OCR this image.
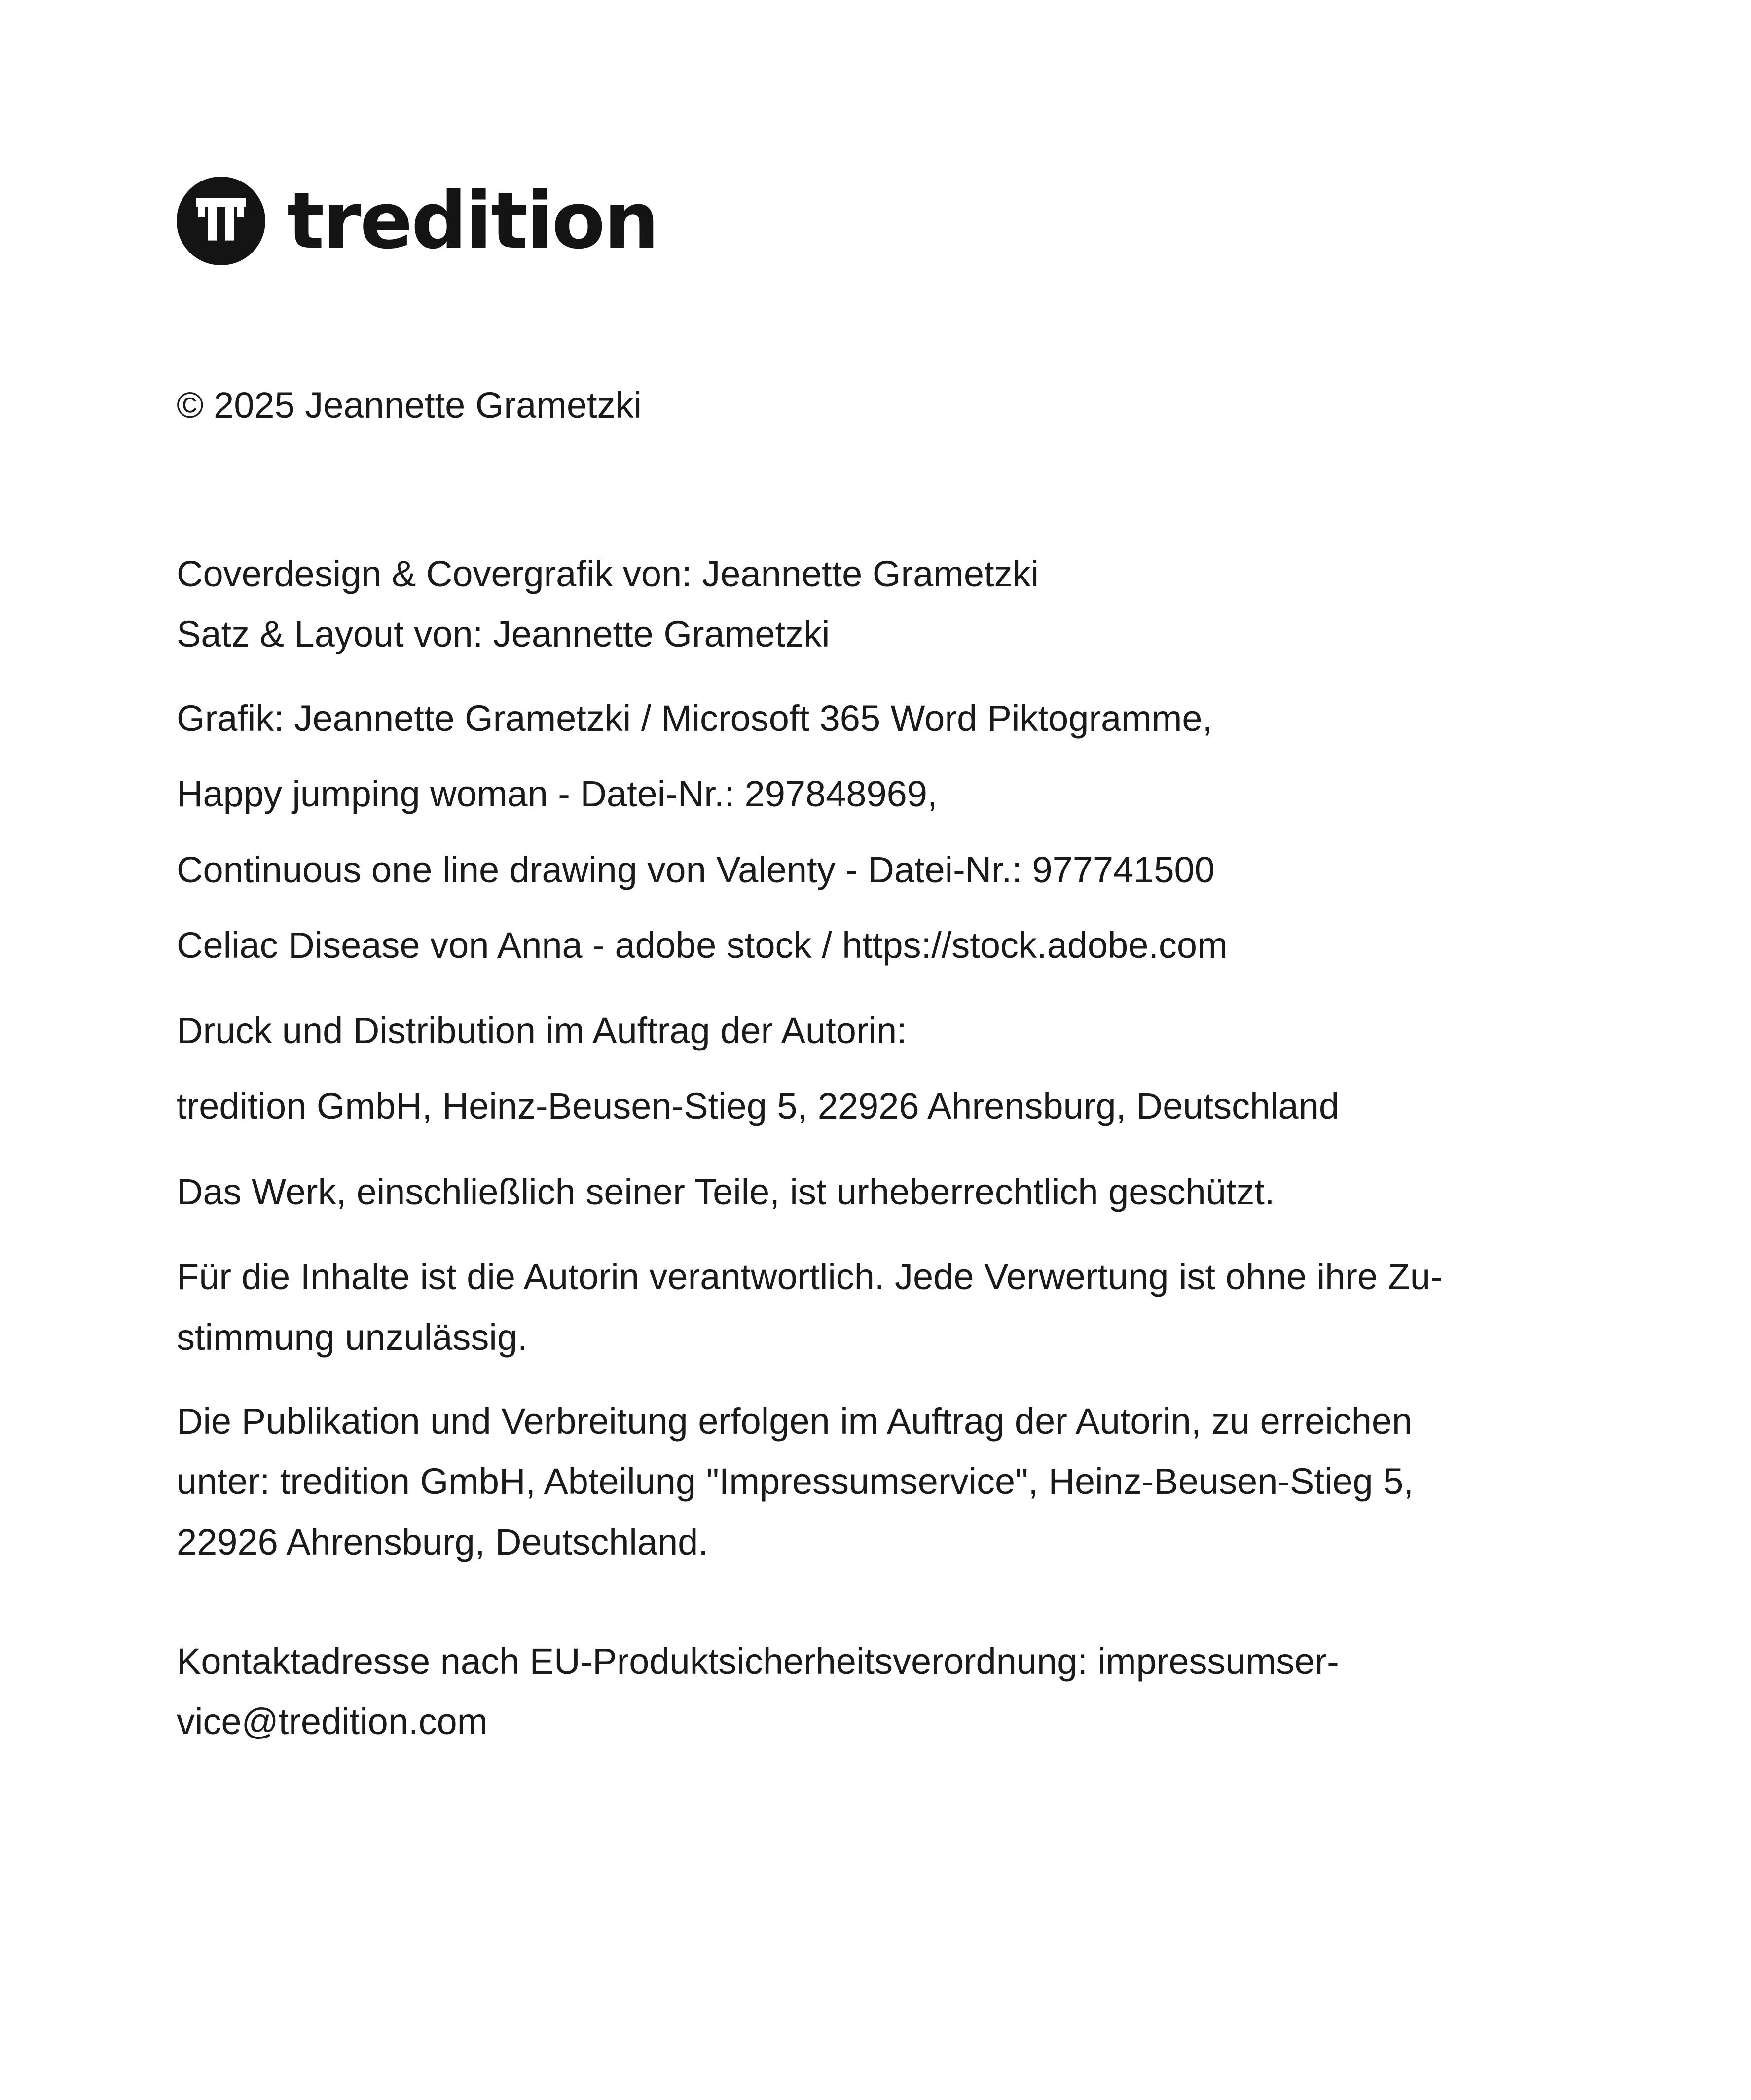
tredition
© 2025 Jeannette Grametzki
Coverdesign & Covergrafik von: Jeannette Grametzki
Satz & Layout von: Jeannette Grametzki
Grafik: Jeannette Grametzki / Microsoft 365 Word Piktogramme,
Happy jumping woman - Datei-Nr.: 297848969,
Continuous one line drawing von Valenty - Datei-Nr.: 977741500
Celiac Disease von Anna - adobe stock / https://stock.adobe.com
Druck und Distribution im Auftrag der Autorin:
tredition GmbH, Heinz-Beusen-Stieg 5, 22926 Ahrensburg, Deutschland
Das Werk, einschließlich seiner Teile, ist urheberrechtlich geschützt.
Für die Inhalte ist die Autorin verantwortlich. Jede Verwertung ist ohne ihre Zu-
stimmung unzulässig.
Die Publikation und Verbreitung erfolgen im Auftrag der Autorin, zu erreichen
unter: tredition GmbH, Abteilung "Impressumservice", Heinz-Beusen-Stieg 5,
22926 Ahrensburg, Deutschland.
Kontaktadresse nach EU-Produktsicherheitsverordnung: impressumser-
vice@tredition.com
